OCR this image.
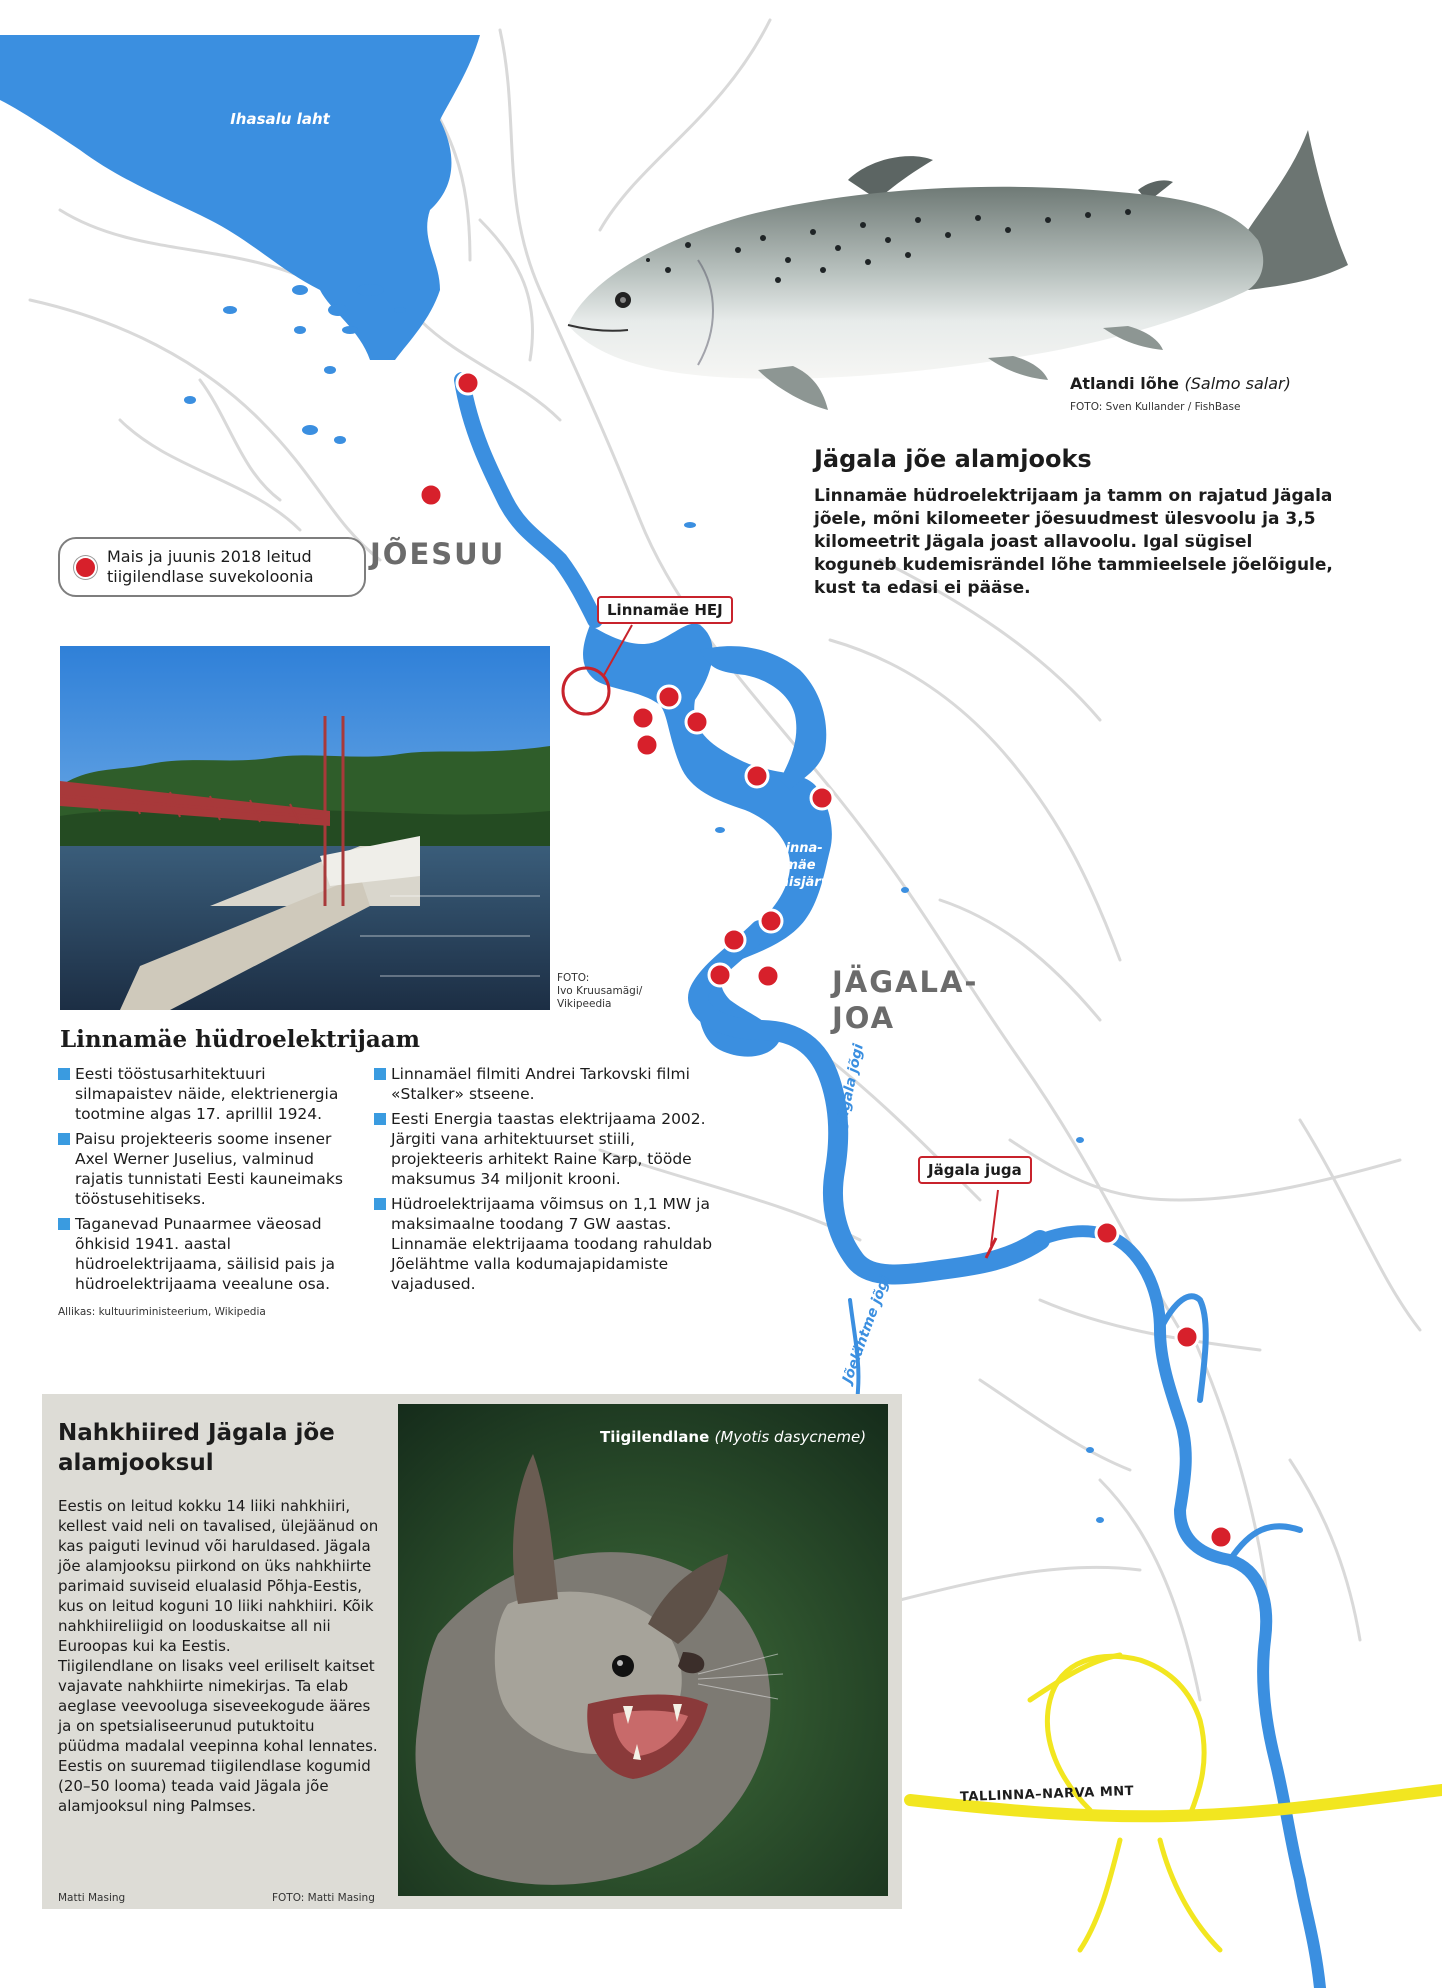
Ihasalu laht
Linna-
mäe
paisjärv
Jägala jõgi
Jõelähtme jõgi
JÕESUU
JÄGALA-
JOA
TALLINNA–NARVA MNT
Linnamäe HEJ
Jägala juga
Mais ja juunis 2018 leitud tiigilendlase suvekoloonia
Atlandi lõhe (Salmo salar)
FOTO: Sven Kullander / FishBase
Jägala jõe alamjooks

Linnamäe hüdroelektrijaam ja tamm on rajatud Jägala jõele, mõni kilomeeter jõesuudmest ülesvoolu ja 3,5 kilomeetrit Jägala joast allavoolu. Igal sügisel koguneb kudemisrändel lõhe tammieelsele jõelõigule, kust ta edasi ei pääse.

FOTO:
Ivo Kruusamägi/
Vikipeedia
Linnamäe hüdroelektrijaam

Eesti tööstusarhitektuuri silmapaistev näide, elektrienergia tootmine algas 17. aprillil 1924.

Paisu projekteeris soome insener Axel Werner Juselius, valminud rajatis tunnistati Eesti kauneimaks tööstusehitiseks.

Taganevad Punaarmee väeosad õhkisid 1941. aastal hüdroelektrijaama, säilisid pais ja hüdroelektrijaama veealune osa.

Allikas: kultuuriministeerium, Wikipedia

Linnamäel filmiti Andrei Tarkovski filmi «Stalker» stseene.

Eesti Energia taastas elektrijaama 2002. Järgiti vana arhitektuurset stiili, projekteeris arhitekt Raine Karp, tööde maksumus 34 miljonit krooni.

Hüdroelektrijaama võimsus on 1,1 MW ja maksimaalne toodang 7 GW aastas. Linnamäe elektrijaama toodang rahuldab Jõelähtme valla kodumajapidamiste vajadused.

Nahkhiired Jägala jõe alamjooksul

Eestis on leitud kokku 14 liiki nahkhiiri, kellest vaid neli on tavalised, ülejäänud on kas paiguti levinud või haruldased. Jägala jõe alamjooksu piirkond on üks nahkhiirte parimaid suviseid elualasid Põhja-Eestis, kus on leitud koguni 10 liiki nahkhiiri. Kõik nahkhiireliigid on looduskaitse all nii Euroopas kui ka Eestis.

Tiigilendlane on lisaks veel eriliselt kaitset vajavate nahkhiirte nimekirjas. Ta elab aeglase veevooluga siseveekogude ääres ja on spetsialiseerunud putuktoitu püüdma madalal veepinna kohal lennates. Eestis on suuremad tiigilendlase kogumid (20–50 looma) teada vaid Jägala jõe alamjooksul ning Palmses.

Matti Masing	FOTO: Matti Masing
Tiigilendlane (Myotis dasycneme)
